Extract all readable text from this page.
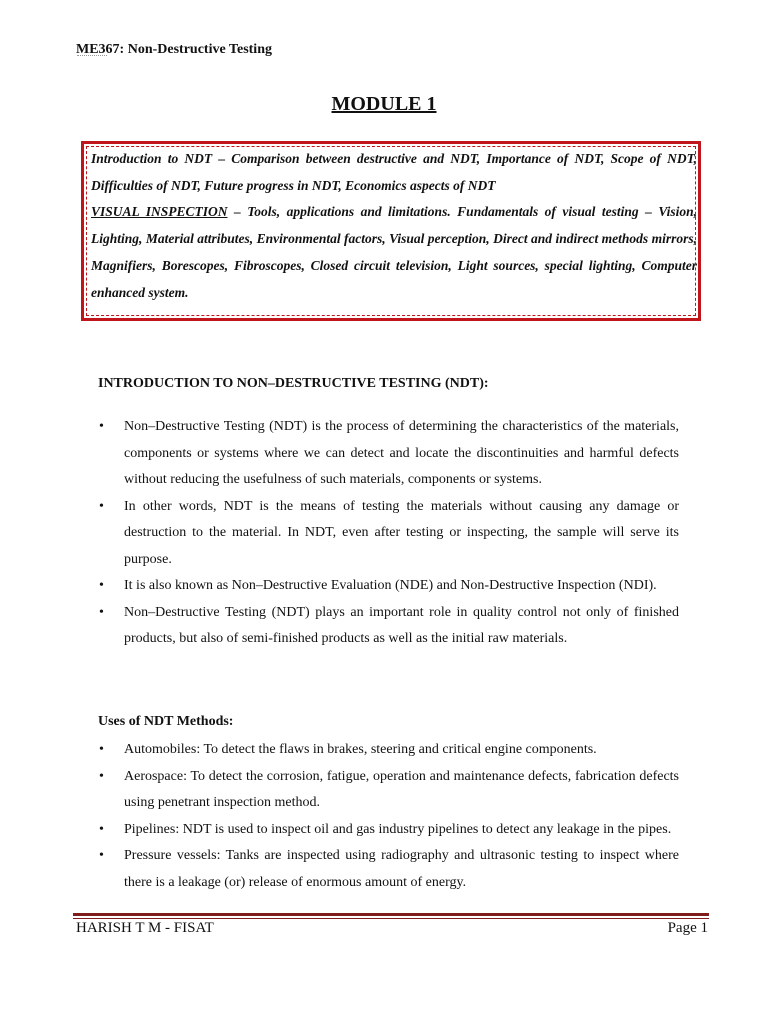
ME367: Non-Destructive Testing
MODULE 1
Introduction to NDT – Comparison between destructive and NDT, Importance of NDT, Scope of NDT, Difficulties of NDT, Future progress in NDT, Economics aspects of NDT
VISUAL INSPECTION – Tools, applications and limitations. Fundamentals of visual testing – Vision, Lighting, Material attributes, Environmental factors, Visual perception, Direct and indirect methods mirrors, Magnifiers, Borescopes, Fibroscopes, Closed circuit television, Light sources, special lighting, Computer enhanced system.
INTRODUCTION TO NON–DESTRUCTIVE TESTING (NDT):
• Non–Destructive Testing (NDT) is the process of determining the characteristics of the materials, components or systems where we can detect and locate the discontinuities and harmful defects without reducing the usefulness of such materials, components or systems.
• In other words, NDT is the means of testing the materials without causing any damage or destruction to the material. In NDT, even after testing or inspecting, the sample will serve its purpose.
• It is also known as Non–Destructive Evaluation (NDE) and Non-Destructive Inspection (NDI).
• Non–Destructive Testing (NDT) plays an important role in quality control not only of finished products, but also of semi-finished products as well as the initial raw materials.
Uses of NDT Methods:
• Automobiles: To detect the flaws in brakes, steering and critical engine components.
• Aerospace: To detect the corrosion, fatigue, operation and maintenance defects, fabrication defects using penetrant inspection method.
• Pipelines: NDT is used to inspect oil and gas industry pipelines to detect any leakage in the pipes.
• Pressure vessels: Tanks are inspected using radiography and ultrasonic testing to inspect where there is a leakage (or) release of enormous amount of energy.
HARISH T M - FISAT	Page 1
